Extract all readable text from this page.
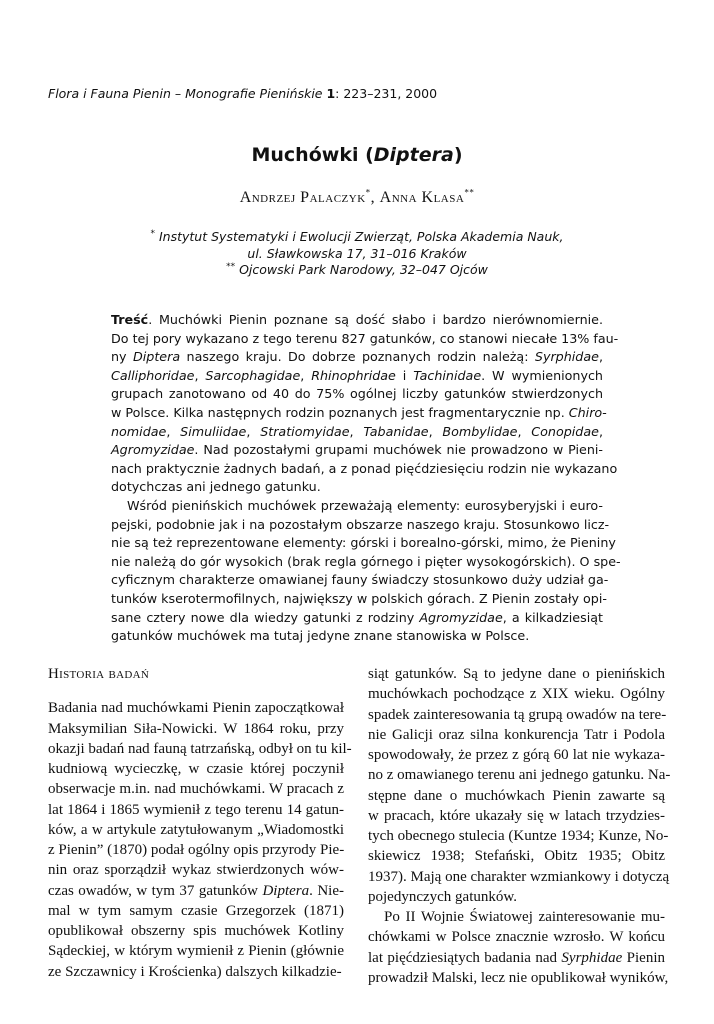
Flora i Fauna Pienin – Monografie Pienińskie 1: 223–231, 2000
Muchówki (Diptera)
Andrzej Palaczyk*, Anna Klasa**
* Instytut Systematyki i Ewolucji Zwierząt, Polska Akademia Nauk,
ul. Sławkowska 17, 31–016 Kraków
** Ojcowski Park Narodowy, 32–047 Ojców
Treść. Muchówki Pienin poznane są dość słabo i bardzo nierównomiernie.
Do tej pory wykazano z tego terenu 827 gatunków, co stanowi niecałe 13% fau-
ny Diptera naszego kraju. Do dobrze poznanych rodzin należą: Syrphidae,
Calliphoridae, Sarcophagidae, Rhinophridae i Tachinidae. W wymienionych
grupach zanotowano od 40 do 75% ogólnej liczby gatunków stwierdzonych
w Polsce. Kilka następnych rodzin poznanych jest fragmentarycznie np. Chiro-
nomidae, Simuliidae, Stratiomyidae, Tabanidae, Bombylidae, Conopidae,
Agromyzidae. Nad pozostałymi grupami muchówek nie prowadzono w Pieni-
nach praktycznie żadnych badań, a z ponad pięćdziesięciu rodzin nie wykazano
dotychczas ani jednego gatunku.
Wśród pienińskich muchówek przeważają elementy: eurosyberyjski i euro-
pejski, podobnie jak i na pozostałym obszarze naszego kraju. Stosunkowo licz-
nie są też reprezentowane elementy: górski i borealno-górski, mimo, że Pieniny
nie należą do gór wysokich (brak regla górnego i pięter wysokogórskich). O spe-
cyficznym charakterze omawianej fauny świadczy stosunkowo duży udział ga-
tunków kserotermofilnych, największy w polskich górach. Z Pienin zostały opi-
sane cztery nowe dla wiedzy gatunki z rodziny Agromyzidae, a kilkadziesiąt
gatunków muchówek ma tutaj jedyne znane stanowiska w Polsce.
Historia badań
Badania nad muchówkami Pienin zapoczątkował
Maksymilian Siła-Nowicki. W 1864 roku, przy
okazji badań nad fauną tatrzańską, odbył on tu kil-
kudniową wycieczkę, w czasie której poczynił
obserwacje m.in. nad muchówkami. W pracach z
lat 1864 i 1865 wymienił z tego terenu 14 gatun-
ków, a w artykule zatytułowanym „Wiadomostki
z Pienin” (1870) podał ogólny opis przyrody Pie-
nin oraz sporządził wykaz stwierdzonych wów-
czas owadów, w tym 37 gatunków Diptera. Nie-
mal w tym samym czasie Grzegorzek (1871)
opublikował obszerny spis muchówek Kotliny
Sądeckiej, w którym wymienił z Pienin (głównie
ze Szczawnicy i Krościenka) dalszych kilkadzie-
siąt gatunków. Są to jedyne dane o pienińskich
muchówkach pochodzące z XIX wieku. Ogólny
spadek zainteresowania tą grupą owadów na tere-
nie Galicji oraz silna konkurencja Tatr i Podola
spowodowały, że przez z górą 60 lat nie wykaza-
no z omawianego terenu ani jednego gatunku. Na-
stępne dane o muchówkach Pienin zawarte są
w pracach, które ukazały się w latach trzydzies-
tych obecnego stulecia (Kuntze 1934; Kunze, No-
skiewicz 1938; Stefański, Obitz 1935; Obitz
1937). Mają one charakter wzmiankowy i dotyczą
pojedynczych gatunków.
Po II Wojnie Światowej zainteresowanie mu-
chówkami w Polsce znacznie wzrosło. W końcu
lat pięćdziesiątych badania nad Syrphidae Pienin
prowadził Malski, lecz nie opublikował wyników,
